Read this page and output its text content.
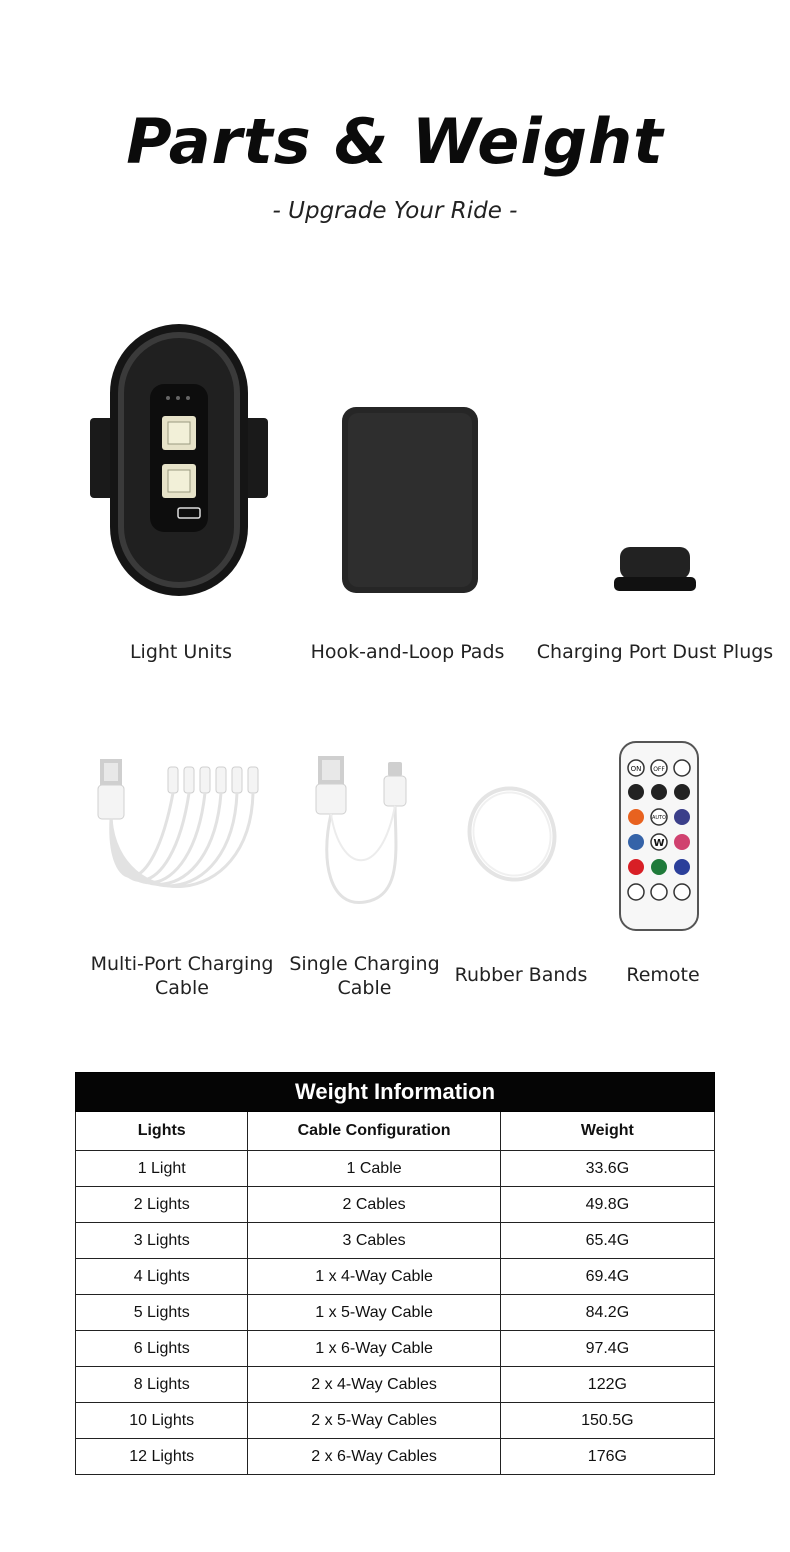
Parts & Weight
- Upgrade Your Ride -
Light Units	Hook-and-Loop Pads	Charging Port Dust Plugs
Multi-Port Charging Cable
Single Charging Cable
Rubber Bands
ON OFF
AUTO
W
Remote
Weight Information		
Lights	Cable Configuration	Weight
1 Light	1 Cable	33.6G
2 Lights	2 Cables	49.8G
3 Lights	3 Cables	65.4G
4 Lights	1 x 4-Way Cable	69.4G
5 Lights	1 x 5-Way Cable	84.2G
6 Lights	1 x 6-Way Cable	97.4G
8 Lights	2 x 4-Way Cables	122G
10 Lights	2 x 5-Way Cables	150.5G
12 Lights	2 x 6-Way Cables	176G
